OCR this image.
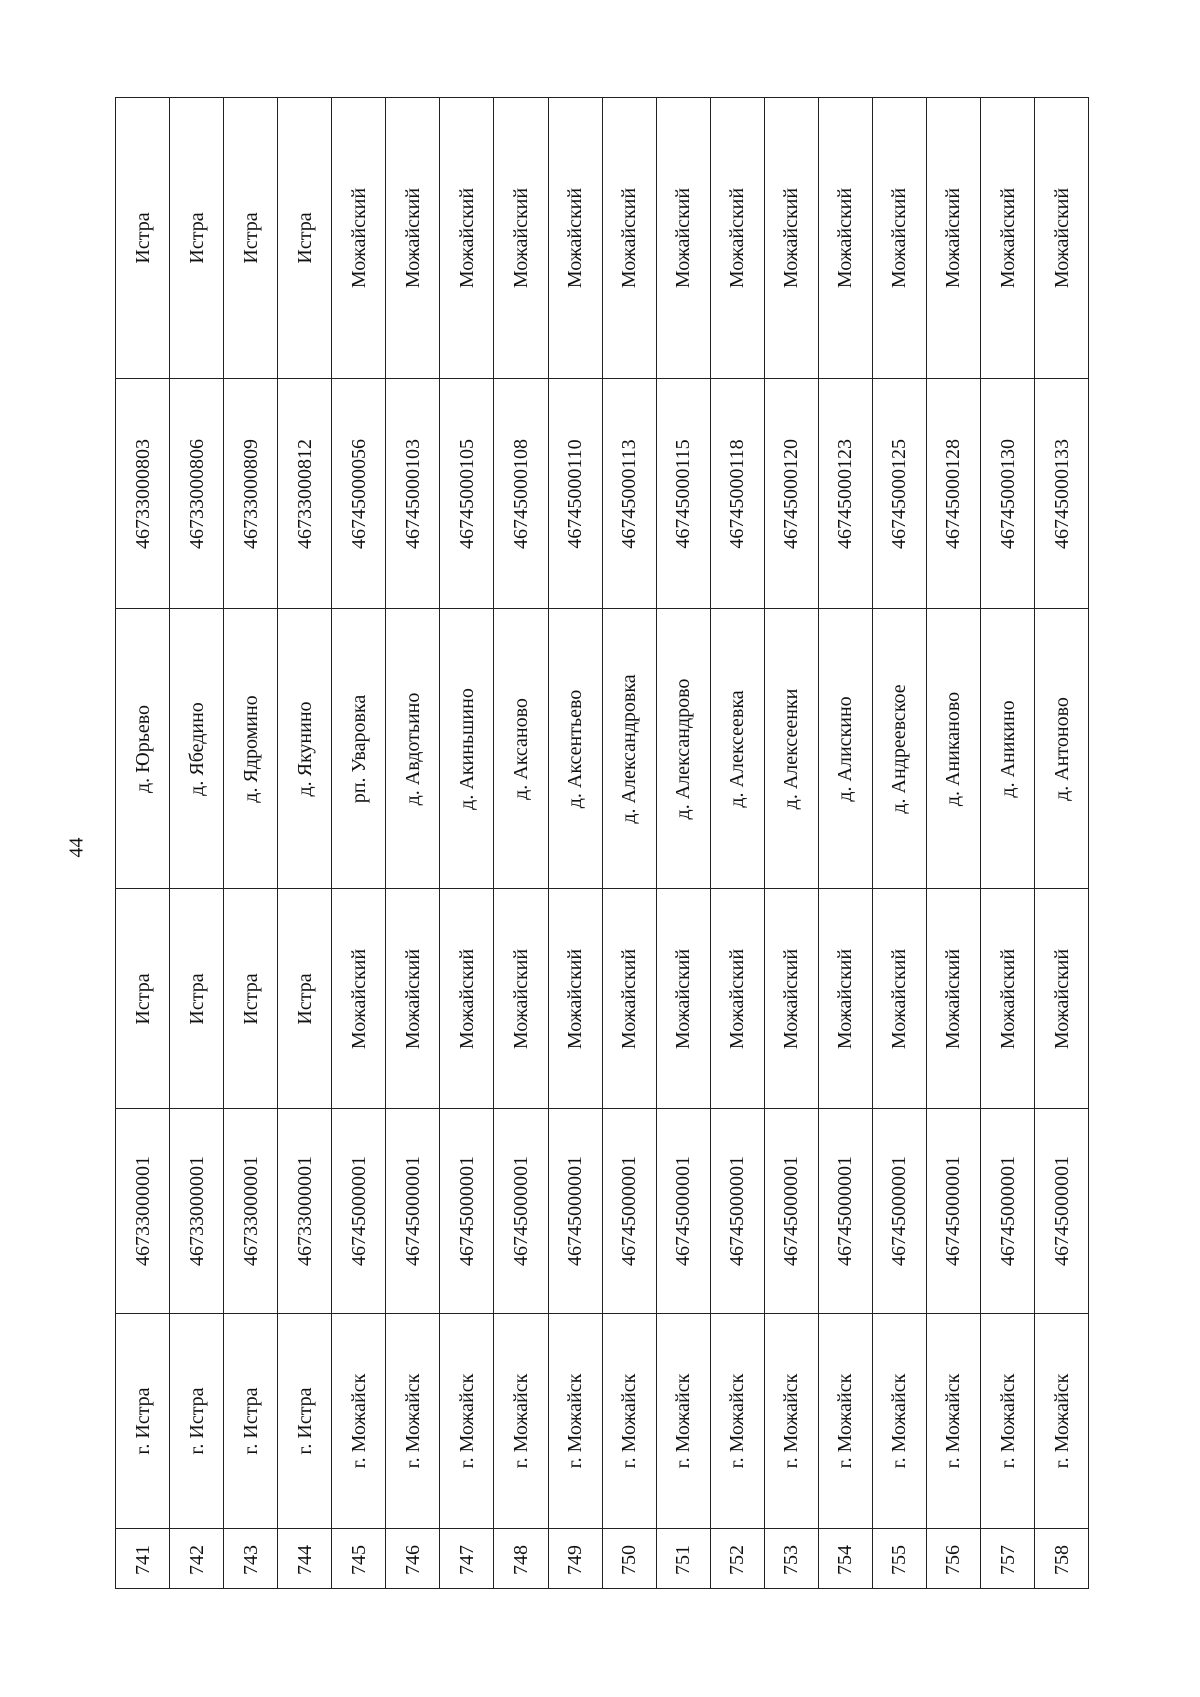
44
741
г. Истра
46733000001
Истра
д. Юрьево
46733000803
Истра
742
г. Истра
46733000001
Истра
д. Ябедино
46733000806
Истра
743
г. Истра
46733000001
Истра
д. Ядромино
46733000809
Истра
744
г. Истра
46733000001
Истра
д. Якунино
46733000812
Истра
745
г. Можайск
46745000001
Можайский
рп. Уваровка
46745000056
Можайский
746
г. Можайск
46745000001
Можайский
д. Авдотьино
46745000103
Можайский
747
г. Можайск
46745000001
Можайский
д. Акиньшино
46745000105
Можайский
748
г. Можайск
46745000001
Можайский
д. Аксаново
46745000108
Можайский
749
г. Можайск
46745000001
Можайский
д. Аксентьево
46745000110
Можайский
750
г. Можайск
46745000001
Можайский
д. Александровка
46745000113
Можайский
751
г. Можайск
46745000001
Можайский
д. Александрово
46745000115
Можайский
752
г. Можайск
46745000001
Можайский
д. Алексеевка
46745000118
Можайский
753
г. Можайск
46745000001
Можайский
д. Алексеенки
46745000120
Можайский
754
г. Можайск
46745000001
Можайский
д. Алискино
46745000123
Можайский
755
г. Можайск
46745000001
Можайский
д. Андреевское
46745000125
Можайский
756
г. Можайск
46745000001
Можайский
д. Аниканово
46745000128
Можайский
757
г. Можайск
46745000001
Можайский
д. Аникино
46745000130
Можайский
758
г. Можайск
46745000001
Можайский
д. Антоново
46745000133
Можайский
